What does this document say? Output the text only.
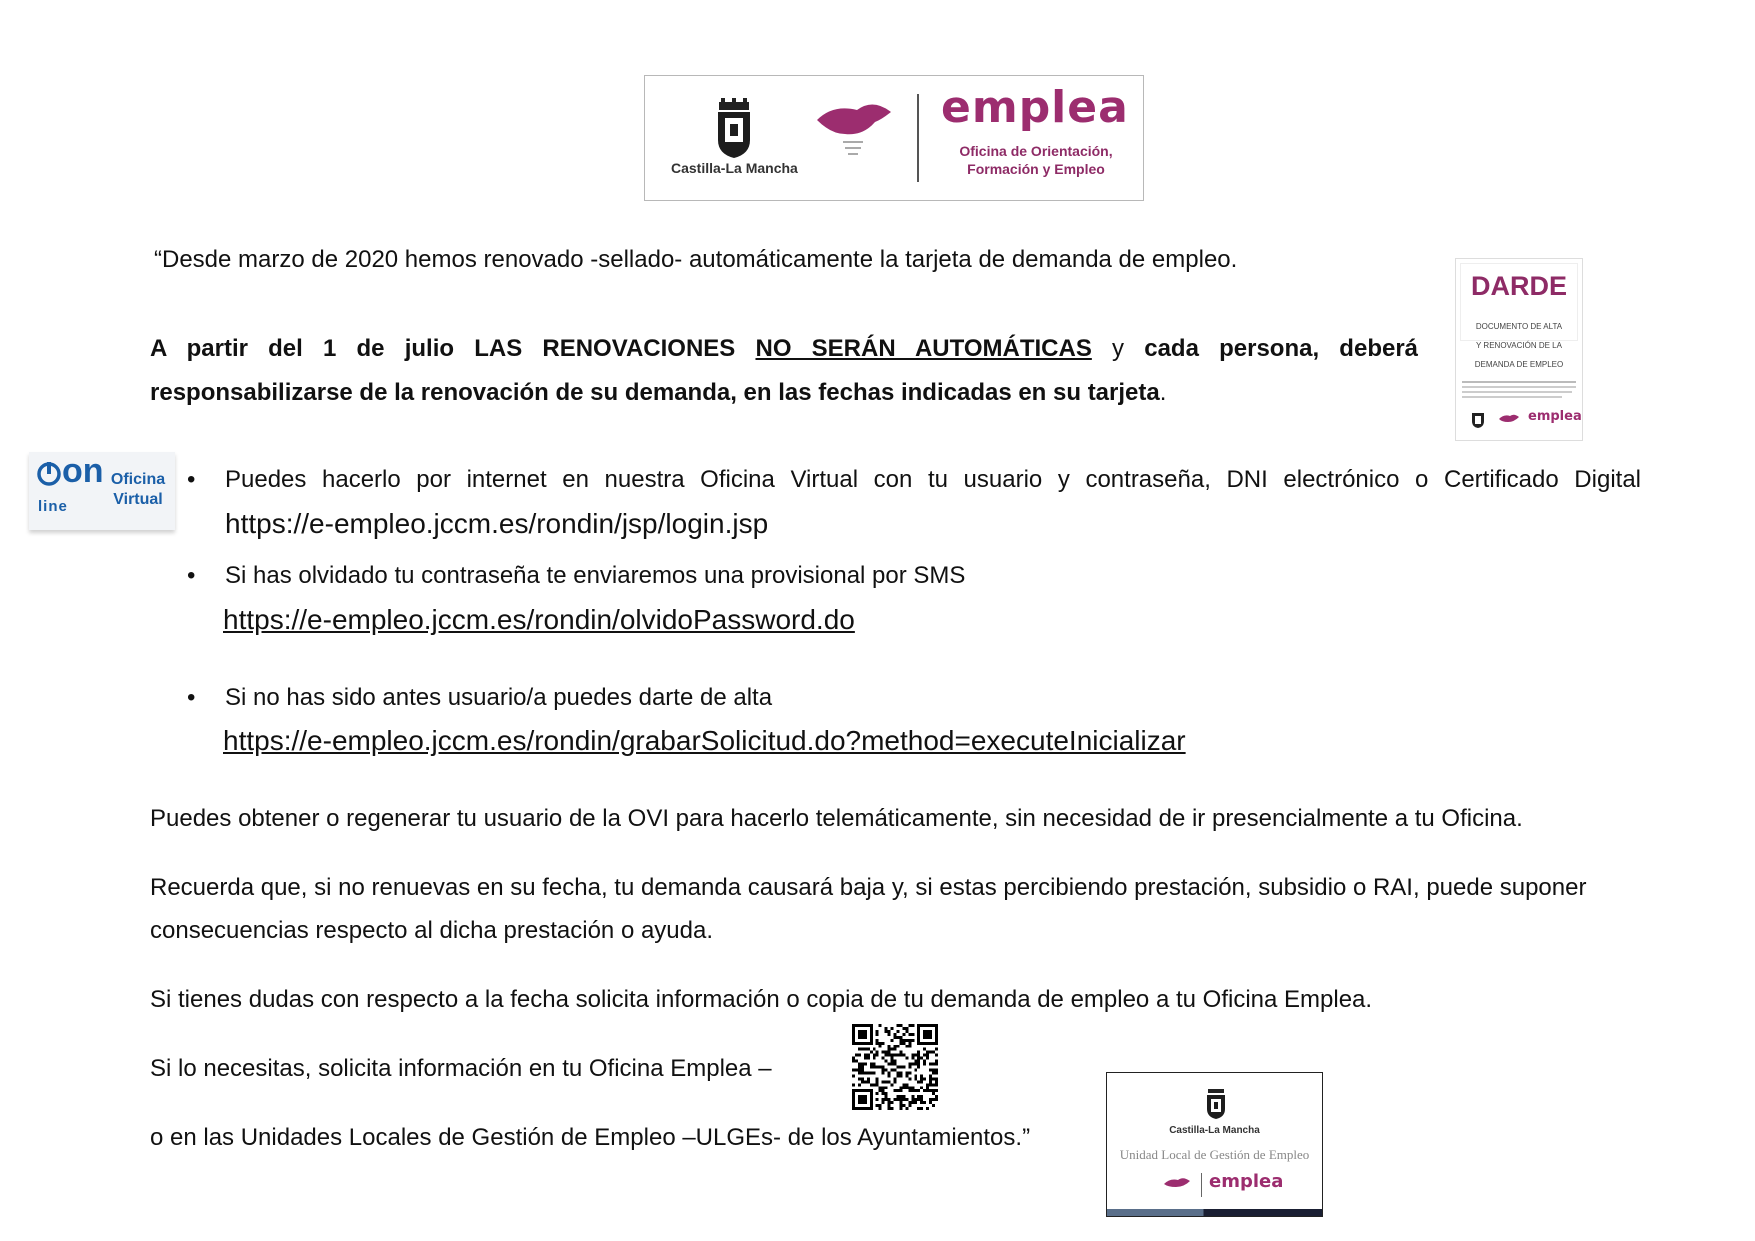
Castilla-La Mancha
emplea
Oficina de Orientación,
Formación y Empleo
“Desde marzo de 2020 hemos renovado -sellado- automáticamente la tarjeta de demanda de empleo.
DARDE
DOCUMENTO DE ALTA
Y RENOVACIÓN DE LA
DEMANDA DE EMPLEO
emplea
A partir del 1 de julio LAS RENOVACIONES NO SERÁN AUTOMÁTICAS y cada persona, deberá
responsabilizarse de la renovación de su demanda, en las fechas indicadas en su tarjeta.
on
line
Oficina
Virtual
• Puedes hacerlo por internet en nuestra Oficina Virtual con tu usuario y contraseña, DNI electrónico o Certificado Digital
https://e-empleo.jccm.es/rondin/jsp/login.jsp
• Si has olvidado tu contraseña te enviaremos una provisional por SMS
https://e-empleo.jccm.es/rondin/olvidoPassword.do
• Si no has sido antes usuario/a puedes darte de alta
https://e-empleo.jccm.es/rondin/grabarSolicitud.do?method=executeInicializar
Puedes obtener o regenerar tu usuario de la OVI para hacerlo telemáticamente, sin necesidad de ir presencialmente a tu Oficina.
Recuerda que, si no renuevas en su fecha, tu demanda causará baja y, si estas percibiendo prestación, subsidio o RAI, puede suponer
consecuencias respecto al dicha prestación o ayuda.
Si tienes dudas con respecto a la fecha solicita información o copia de tu demanda de empleo a tu Oficina Emplea.
Si lo necesitas, solicita información en tu Oficina Emplea –
o en las Unidades Locales de Gestión de Empleo –ULGEs- de los Ayuntamientos.”	Castilla-La Mancha
Unidad Local de Gestión de Empleo
emplea
